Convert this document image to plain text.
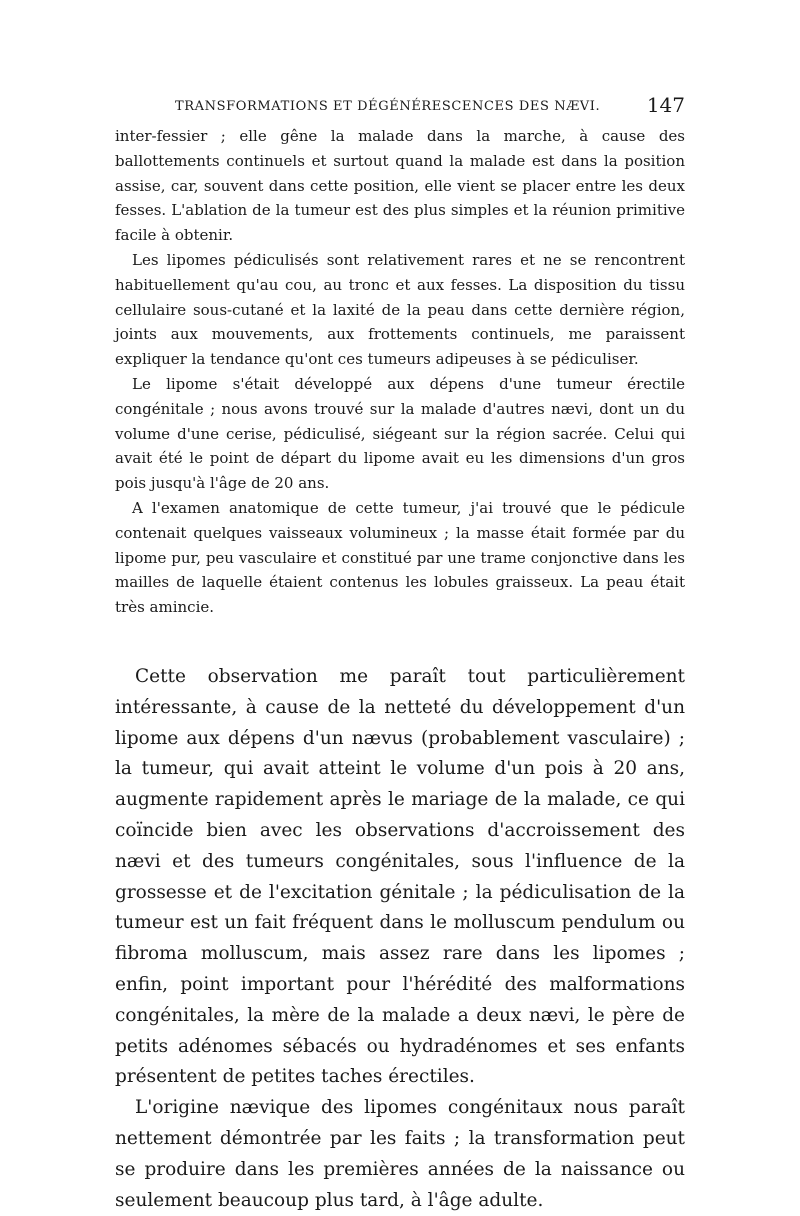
TRANSFORMATIONS ET DÉGÉNÉRESCENCES DES NÆVI. 147

inter-fessier ; elle gêne la malade dans la marche, à cause des ballottements continuels et surtout quand la malade est dans la position assise, car, souvent dans cette position, elle vient se placer entre les deux fesses. L'ablation de la tumeur est des plus simples et la réunion primitive facile à obtenir.

Les lipomes pédiculisés sont relativement rares et ne se rencontrent habituellement qu'au cou, au tronc et aux fesses. La disposition du tissu cellulaire sous-cutané et la laxité de la peau dans cette dernière région, joints aux mouvements, aux frottements continuels, me paraissent expliquer la tendance qu'ont ces tumeurs adipeuses à se pédiculiser.

Le lipome s'était développé aux dépens d'une tumeur érectile congénitale ; nous avons trouvé sur la malade d'autres nævi, dont un du volume d'une cerise, pédiculisé, siégeant sur la région sacrée. Celui qui avait été le point de départ du lipome avait eu les dimensions d'un gros pois jusqu'à l'âge de 20 ans.

A l'examen anatomique de cette tumeur, j'ai trouvé que le pédicule contenait quelques vaisseaux volumineux ; la masse était formée par du lipome pur, peu vasculaire et constitué par une trame conjonctive dans les mailles de laquelle étaient contenus les lobules graisseux. La peau était très amincie.

Cette observation me paraît tout particulièrement intéressante, à cause de la netteté du développement d'un lipome aux dépens d'un nævus (probablement vasculaire) ; la tumeur, qui avait atteint le volume d'un pois à 20 ans, augmente rapidement après le mariage de la malade, ce qui coïncide bien avec les observations d'accroissement des nævi et des tumeurs congénitales, sous l'influence de la grossesse et de l'excitation génitale ; la pédiculisation de la tumeur est un fait fréquent dans le molluscum pendulum ou fibroma molluscum, mais assez rare dans les lipomes ; enfin, point important pour l'hérédité des malformations congénitales, la mère de la malade a deux nævi, le père de petits adénomes sébacés ou hydradénomes et ses enfants présentent de petites taches érectiles.

L'origine nævique des lipomes congénitaux nous paraît nettement démontrée par les faits ; la transformation peut se produire dans les premières années de la naissance ou seulement beaucoup plus tard, à l'âge adulte.
